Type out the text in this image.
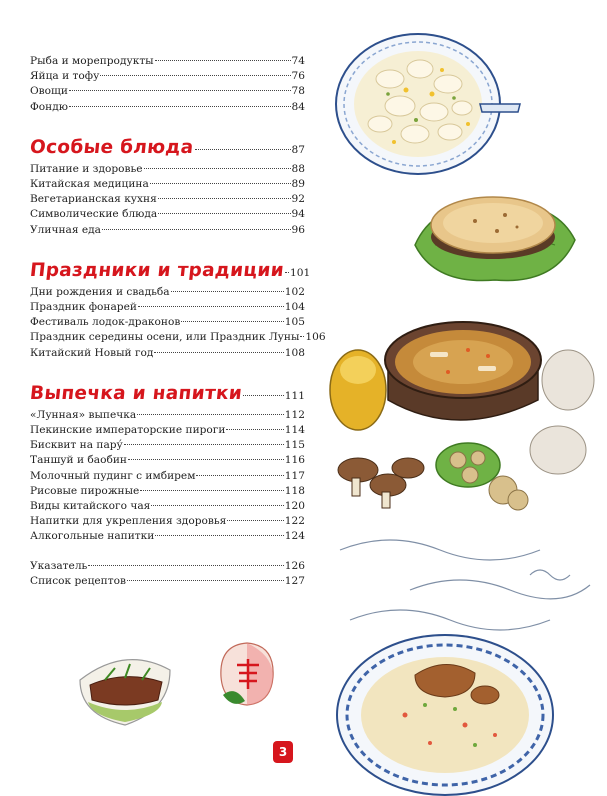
Рыба и морепродукты	74
Яйца и тофу	76
Овощи	78
Фондю	84
Особые блюда	87
Питание и здоровье	88
Китайская медицина	89
Вегетарианская кухня	92
Символические блюда	94
Уличная еда	96
Праздники и традиции 101
Дни рождения и свадьба	102
Праздник фонарей	104
Фестиваль лодок-драконов	105
Праздник середины осени, или Праздник Луны 106
Китайский Новый год	108
Выпечка и напитки	111
«Лунная» выпечка	112
Пекинские императорские пироги	114
Бисквит на пару́	115
Таншуй и баобин	116
Молочный пудинг с имбирем	117
Рисовые пирожные	118
Виды китайского чая	120
Напитки для укрепления здоровья	122
Алкогольные напитки	124
Указатель	126
Список рецептов	127
3
